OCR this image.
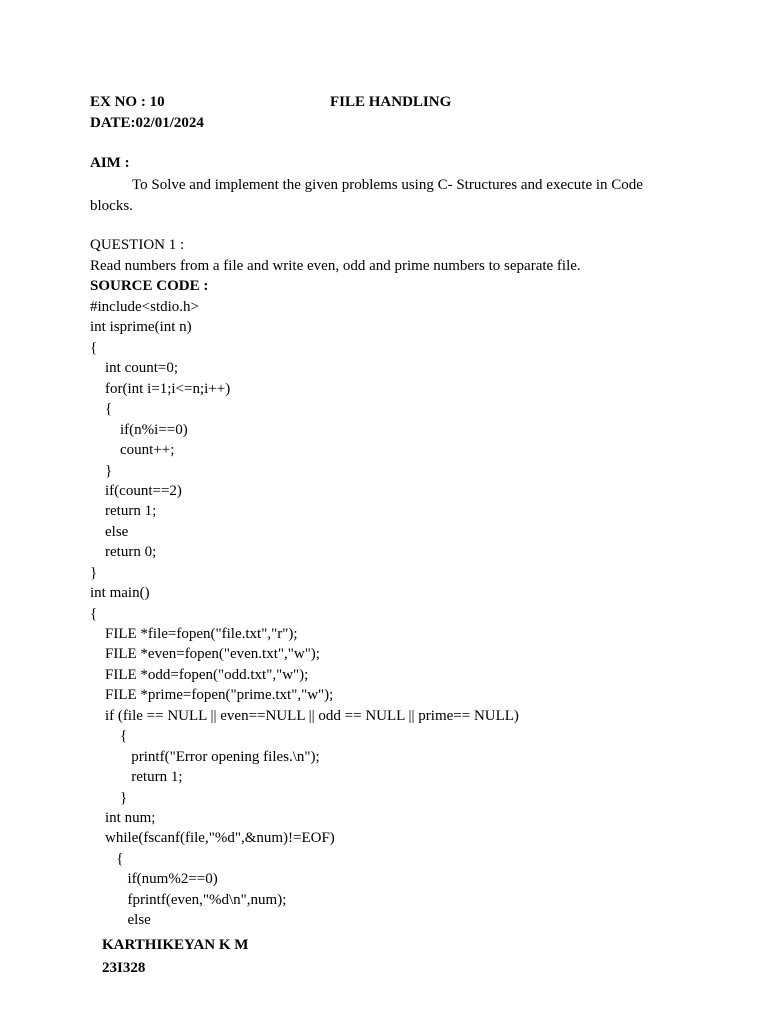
EX NO : 10	FILE HANDLING
DATE:02/01/2024
AIM :
To Solve and implement the given problems using C- Structures and execute in Code blocks.
QUESTION 1 :
Read numbers from a file and write even, odd and prime numbers to separate file.
SOURCE CODE :
#include<stdio.h>
int isprime(int n)
{
int count=0;
for(int i=1;i<=n;i++)
{
if(n%i==0)
count++;
}
if(count==2)
return 1;
else
return 0;
}
int main()
{
FILE *file=fopen("file.txt","r");
FILE *even=fopen("even.txt","w");
FILE *odd=fopen("odd.txt","w");
FILE *prime=fopen("prime.txt","w");
if (file == NULL || even==NULL || odd == NULL || prime== NULL)
{
printf("Error opening files.\n");
return 1;
}
int num;
while(fscanf(file,"%d",&num)!=EOF)
{
if(num%2==0)
fprintf(even,"%d\n",num);
else
KARTHIKEYAN K M
23I328
